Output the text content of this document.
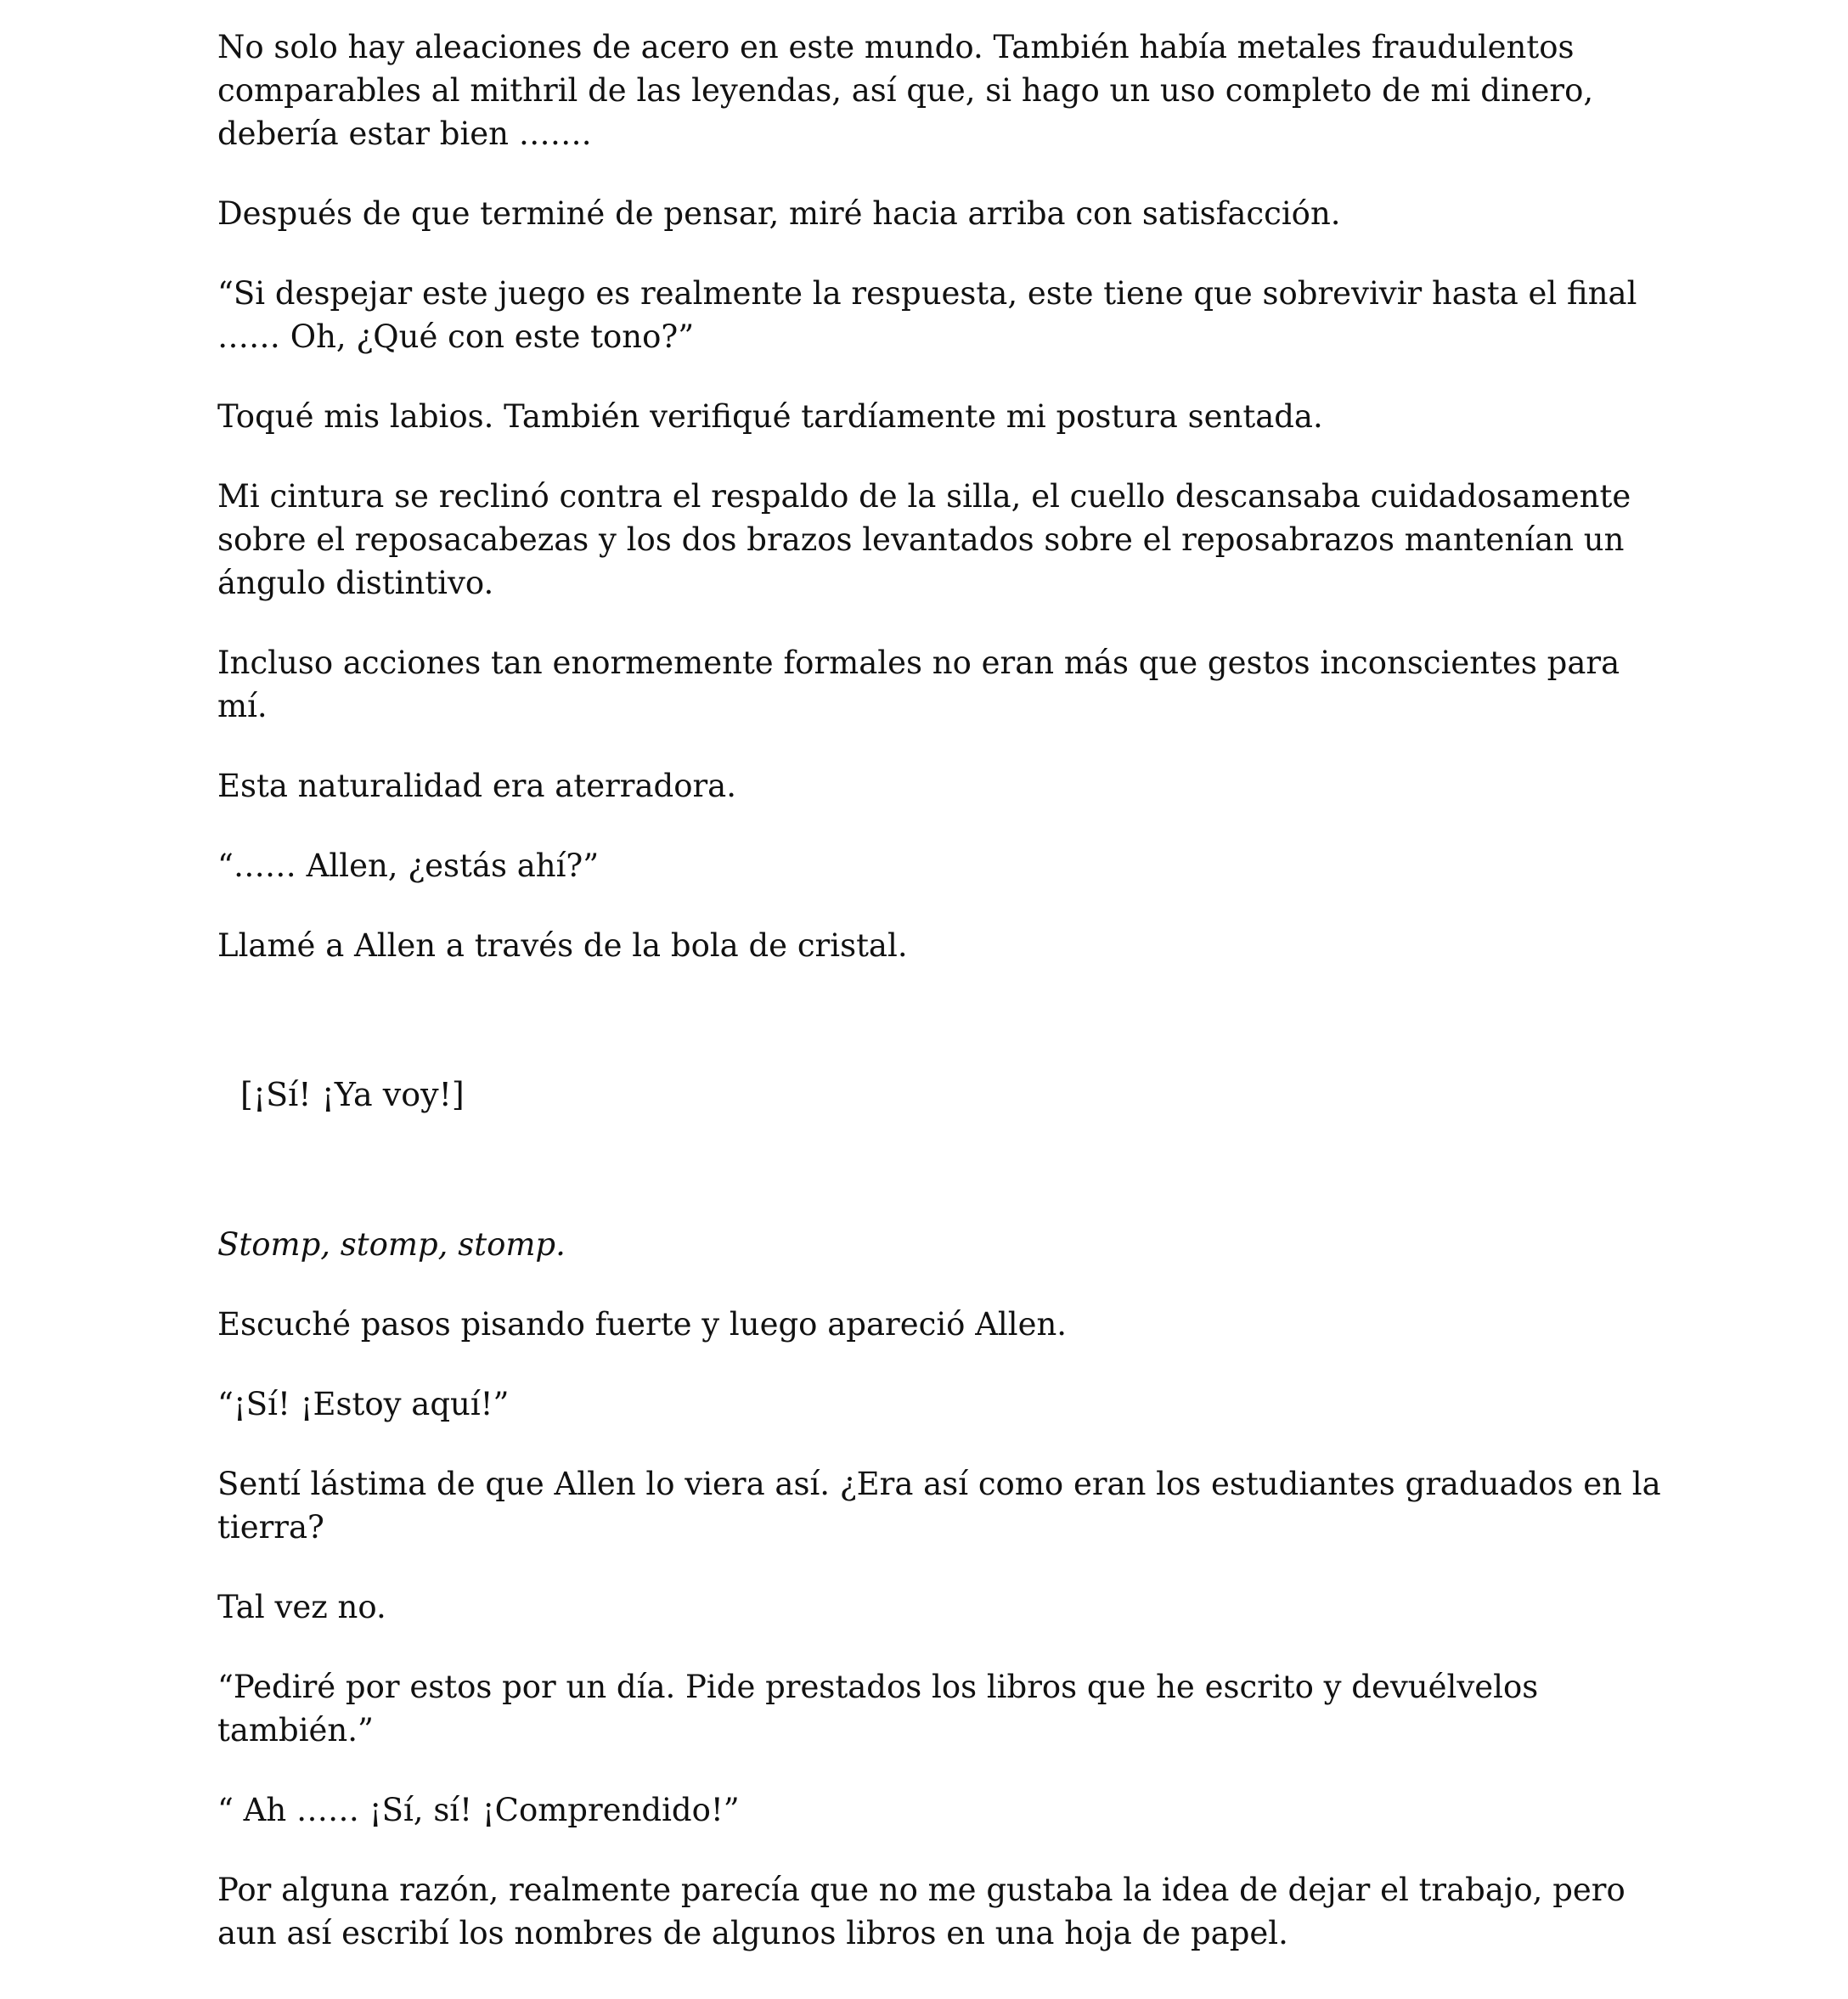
No solo hay aleaciones de acero en este mundo. También había metales fraudulentos comparables al mithril de las leyendas, así que, si hago un uso completo de mi dinero, debería estar bien …….

Después de que terminé de pensar, miré hacia arriba con satisfacción.

“Si despejar este juego es realmente la respuesta, este tiene que sobrevivir hasta el final …… Oh, ¿Qué con este tono?”

Toqué mis labios. También verifiqué tardíamente mi postura sentada.

Mi cintura se reclinó contra el respaldo de la silla, el cuello descansaba cuidadosamente sobre el reposacabezas y los dos brazos levantados sobre el reposabrazos mantenían un ángulo distintivo.

Incluso acciones tan enormemente formales no eran más que gestos inconscientes para mí.

Esta naturalidad era aterradora.

“…… Allen, ¿estás ahí?”

Llamé a Allen a través de la bola de cristal.

[¡Sí! ¡Ya voy!]

Stomp, stomp, stomp.

Escuché pasos pisando fuerte y luego apareció Allen.

“¡Sí! ¡Estoy aquí!”

Sentí lástima de que Allen lo viera así. ¿Era así como eran los estudiantes graduados en la tierra?

Tal vez no.

“Pediré por estos por un día. Pide prestados los libros que he escrito y devuélvelos también.”

“ Ah …… ¡Sí, sí! ¡Comprendido!”

Por alguna razón, realmente parecía que no me gustaba la idea de dejar el trabajo, pero aun así escribí los nombres de algunos libros en una hoja de papel.
